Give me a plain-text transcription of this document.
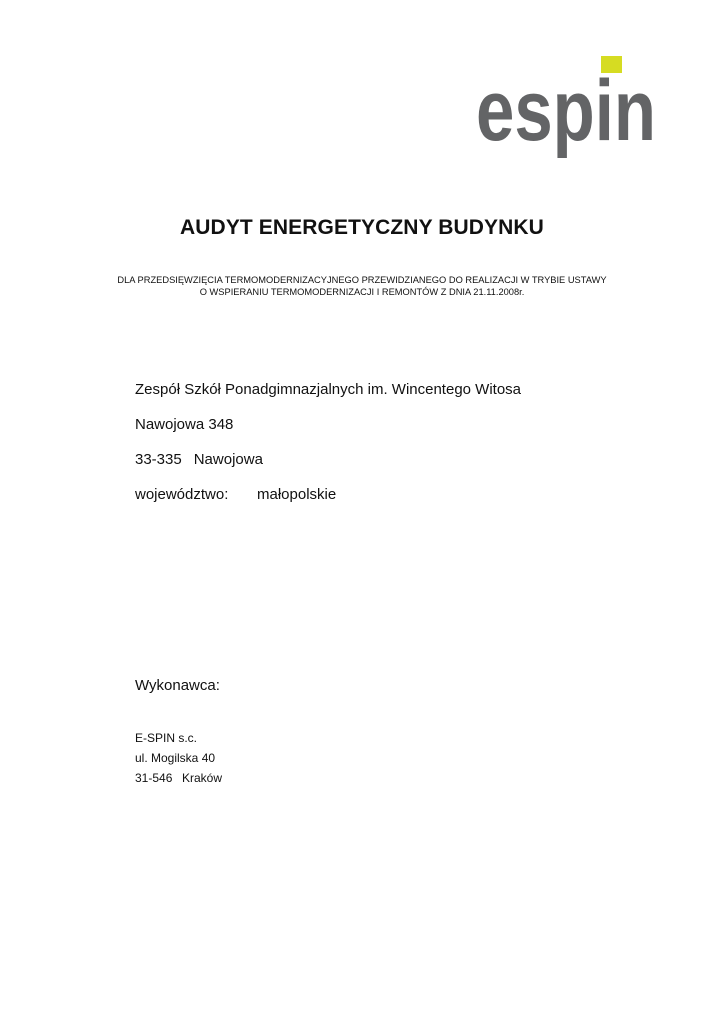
espin
AUDYT ENERGETYCZNY BUDYNKU
DLA PRZEDSIĘWZIĘCIA TERMOMODERNIZACYJNEGO PRZEWIDZIANEGO DO REALIZACJI W TRYBIE USTAWY
O WSPIERANIU TERMOMODERNIZACJI I REMONTÓW Z DNIA 21.11.2008r.
Zespół Szkół Ponadgimnazjalnych im. Wincentego Witosa
Nawojowa 348
33-335 Nawojowa
województwo: małopolskie
Wykonawca:
E-SPIN s.c.
ul. Mogilska 40
31-546 Kraków
